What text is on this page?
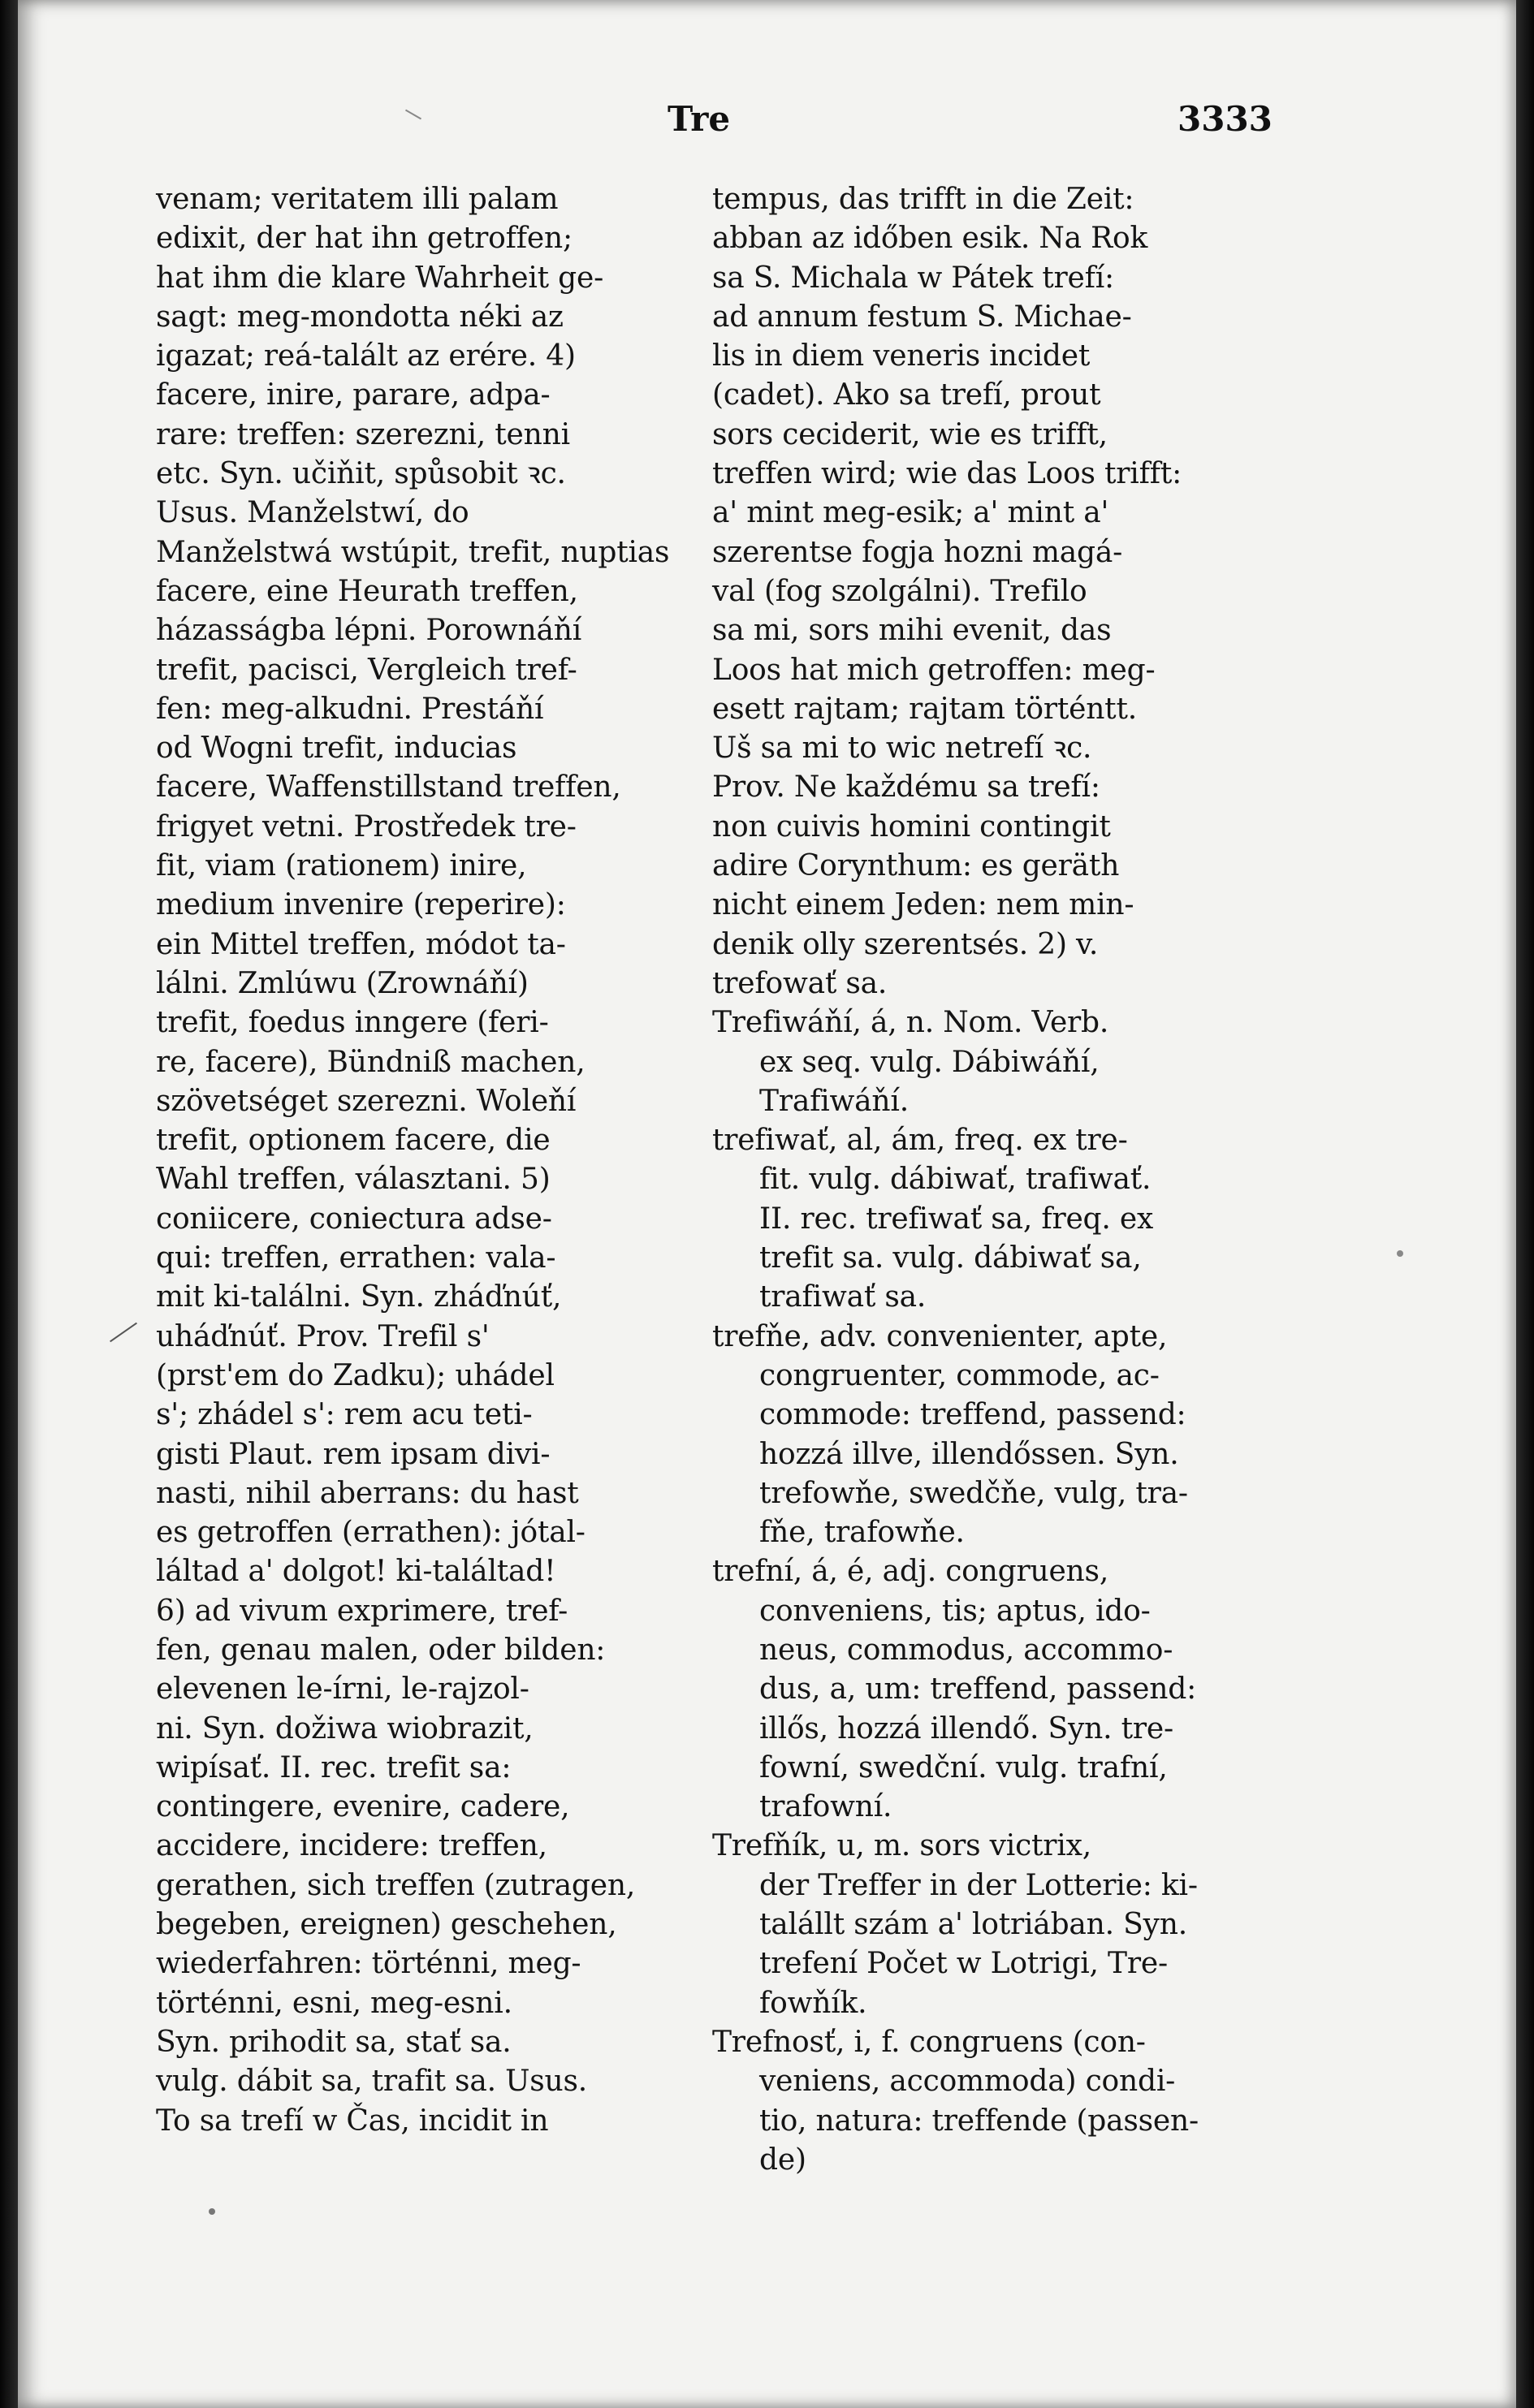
Tre	3333
venam; veritatem illi palam
edixit, der hat ihn getroffen;
hat ihm die klare Wahrheit ge-
sagt: meg-mondotta néki az
igazat; reá-talált az erére. 4)
facere, inire, parare, adpa-
rare: treffen: szerezni, tenni
etc. Syn. učiňit, spůsobit ꝛc.
Usus. Manželstwí, do
Manželstwá wstúpit, trefit, nuptias
facere, eine Heurath treffen,
házasságba lépni. Porownáňí
trefit, pacisci, Vergleich tref-
fen: meg-alkudni. Prestáňí
od Wogni trefit, inducias
facere, Waffenstillstand treffen,
frigyet vetni. Prostředek tre-
fit, viam (rationem) inire,
medium invenire (reperire):
ein Mittel treffen, módot ta-
lálni. Zmlúwu (Zrownáňí)
trefit, foedus inngere (feri-
re, facere), Bündniß machen,
szövetséget szerezni. Woleňí
trefit, optionem facere, die
Wahl treffen, választani. 5)
coniicere, coniectura adse-
qui: treffen, errathen: vala-
mit ki-találni. Syn. zháďnúť,
uháďnúť. Prov. Trefil s'
(prst'em do Zadku); uhádel
s'; zhádel s': rem acu teti-
gisti Plaut. rem ipsam divi-
nasti, nihil aberrans: du hast
es getroffen (errathen): jótal-
láltad a' dolgot! ki-találtad!
6) ad vivum exprimere, tref-
fen, genau malen, oder bilden:
elevenen le-írni, le-rajzol-
ni. Syn. dožiwa wiobrazit,
wipísať. II. rec. trefit sa:
contingere, evenire, cadere,
accidere, incidere: treffen,
gerathen, sich treffen (zutragen,
begeben, ereignen) geschehen,
wiederfahren: történni, meg-
történni, esni, meg-esni.
Syn. prihodit sa, stať sa.
vulg. dábit sa, trafit sa. Usus.
To sa trefí w Čas, incidit in
tempus, das trifft in die Zeit:
abban az időben esik. Na Rok
sa S. Michala w Pátek trefí:
ad annum festum S. Michae-
lis in diem veneris incidet
(cadet). Ako sa trefí, prout
sors ceciderit, wie es trifft,
treffen wird; wie das Loos trifft:
a' mint meg-esik; a' mint a'
szerentse fogja hozni magá-
val (fog szolgálni). Trefilo
sa mi, sors mihi evenit, das
Loos hat mich getroffen: meg-
esett rajtam; rajtam történtt.
Uš sa mi to wic netrefí ꝛc.
Prov. Ne každému sa trefí:
non cuivis homini contingit
adire Corynthum: es geräth
nicht einem Jeden: nem min-
denik olly szerentsés. 2) v.
trefowať sa.
Trefiwáňí, á, n. Nom. Verb.
ex seq. vulg. Dábiwáňí,
Trafiwáňí.
trefiwať, al, ám, freq. ex tre-
fit. vulg. dábiwať, trafiwať.
II. rec. trefiwať sa, freq. ex
trefit sa. vulg. dábiwať sa,
trafiwať sa.
trefňe, adv. convenienter, apte,
congruenter, commode, ac-
commode: treffend, passend:
hozzá illve, illendőssen. Syn.
trefowňe, swedčňe, vulg, tra-
fňe, trafowňe.
trefní, á, é, adj. congruens,
conveniens, tis; aptus, ido-
neus, commodus, accommo-
dus, a, um: treffend, passend:
illős, hozzá illendő. Syn. tre-
fowní, swedční. vulg. trafní,
trafowní.
Trefňík, u, m. sors victrix,
der Treffer in der Lotterie: ki-
talállt szám a' lotriában. Syn.
trefení Počet w Lotrigi, Tre-
fowňík.
Trefnosť, i, f. congruens (con-
veniens, accommoda) condi-
tio, natura: treffende (passen-
de)
